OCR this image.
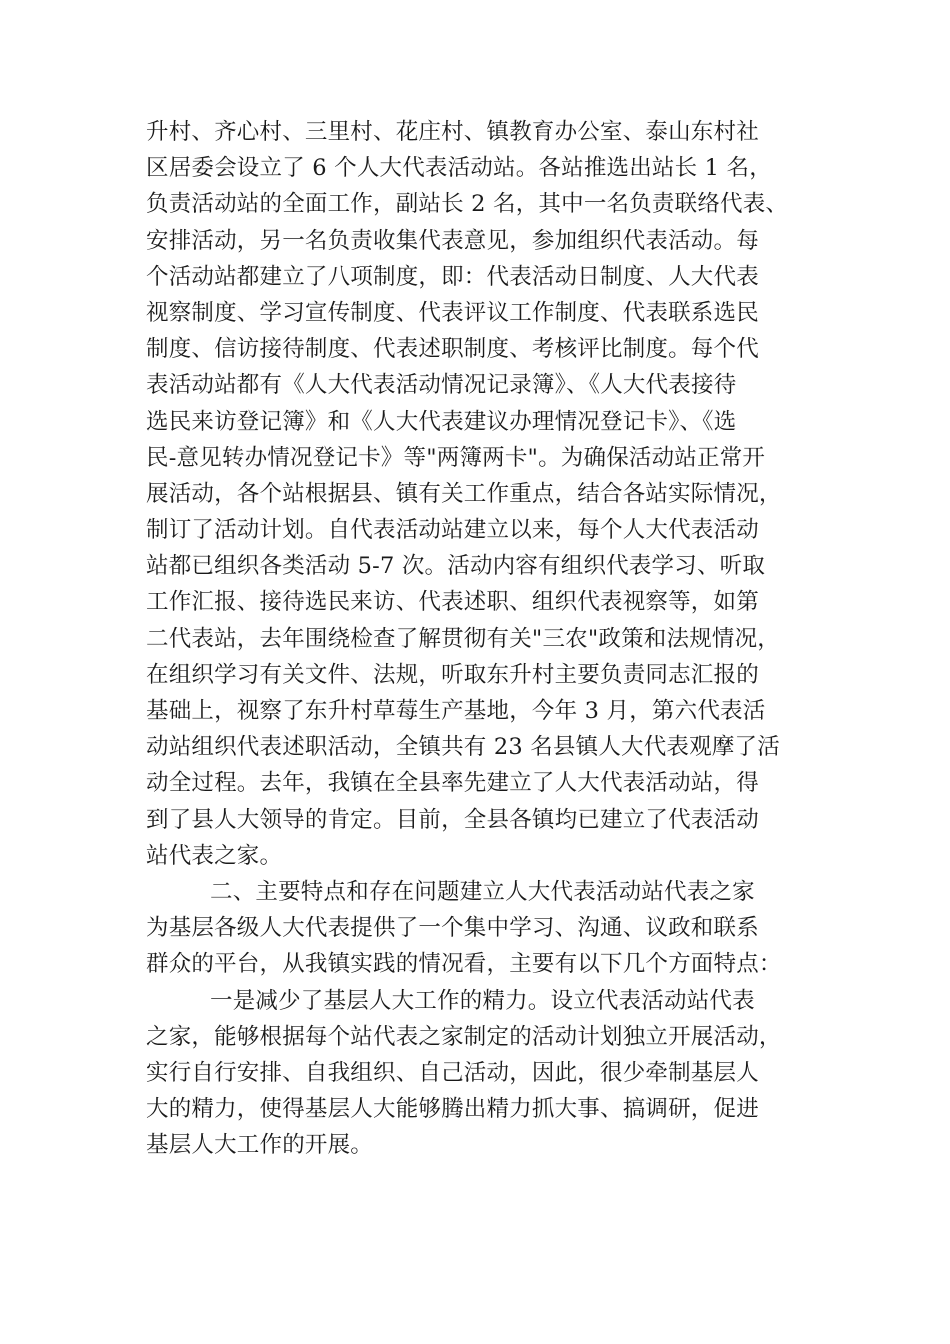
升村、齐心村、三里村、花庄村、镇教育办公室、泰山东村社
区居委会设立了 6 个人大代表活动站。各站推选出站长 1 名，
负责活动站的全面工作，副站长 2 名，其中一名负责联络代表、
安排活动，另一名负责收集代表意见，参加组织代表活动。每
个活动站都建立了八项制度，即：代表活动日制度、人大代表
视察制度、学习宣传制度、代表评议工作制度、代表联系选民
制度、信访接待制度、代表述职制度、考核评比制度。每个代
表活动站都有《人大代表活动情况记录簿》、《人大代表接待
选民来访登记簿》和《人大代表建议办理情况登记卡》、《选
民-意见转办情况登记卡》等"两簿两卡"。为确保活动站正常开
展活动，各个站根据县、镇有关工作重点，结合各站实际情况，
制订了活动计划。自代表活动站建立以来，每个人大代表活动
站都已组织各类活动 5-7 次。活动内容有组织代表学习、听取
工作汇报、接待选民来访、代表述职、组织代表视察等，如第
二代表站，去年围绕检查了解贯彻有关"三农"政策和法规情况，
在组织学习有关文件、法规，听取东升村主要负责同志汇报的
基础上，视察了东升村草莓生产基地，今年 3 月，第六代表活
动站组织代表述职活动，全镇共有 23 名县镇人大代表观摩了活
动全过程。去年，我镇在全县率先建立了人大代表活动站，得
到了县人大领导的肯定。目前，全县各镇均已建立了代表活动
站代表之家。
二、主要特点和存在问题建立人大代表活动站代表之家
为基层各级人大代表提供了一个集中学习、沟通、议政和联系
群众的平台，从我镇实践的情况看，主要有以下几个方面特点：
一是减少了基层人大工作的精力。设立代表活动站代表
之家，能够根据每个站代表之家制定的活动计划独立开展活动，
实行自行安排、自我组织、自己活动，因此，很少牵制基层人
大的精力，使得基层人大能够腾出精力抓大事、搞调研，促进
基层人大工作的开展。
